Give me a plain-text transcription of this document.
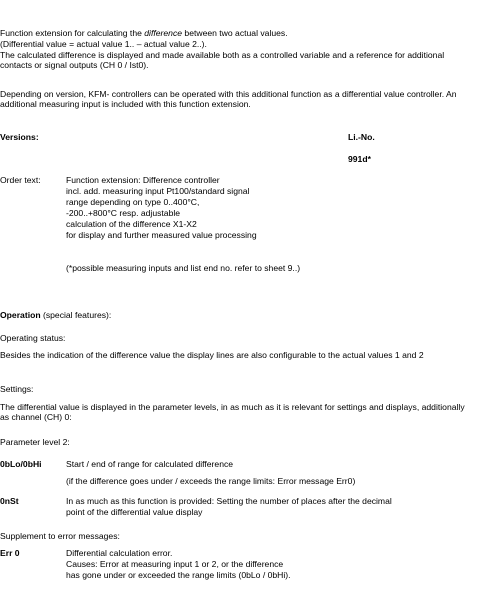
Function extension for calculating the difference between two actual values.
(Differential value = actual value 1.. – actual value 2..).
The calculated difference is displayed and made available both as a controlled variable and a reference for additional contacts or signal outputs (CH 0 / Ist0).
Depending on version, KFM- controllers can be operated with this additional function as a differential value controller. An additional measuring input is included with this function extension.
Versions:	Li.-No.
991d*
Order text:	Function extension: Difference controller
incl. add. measuring input Pt100/standard signal
range depending on type 0..400°C,
-200..+800°C resp. adjustable
calculation of the difference X1-X2
for display and further measured value processing
(*possible measuring inputs and list end no. refer to sheet 9..)
Operation (special features):
Operating status:
Besides the indication of the difference value the display lines are also configurable to the actual values 1 and 2
Settings:
The differential value is displayed in the parameter levels, in as much as it is relevant for settings and displays, additionally as channel (CH) 0:
Parameter level 2:
0bLo/0bHi	Start / end of range for calculated difference
(if the difference goes under / exceeds the range limits: Error message Err0)
0nSt	In as much as this function is provided: Setting the number of places after the decimal
point of the differential value display
Supplement to error messages:
Err 0	Differential calculation error.
Causes: Error at measuring input 1 or 2, or the difference
has gone under or exceeded the range limits (0bLo / 0bHi).
